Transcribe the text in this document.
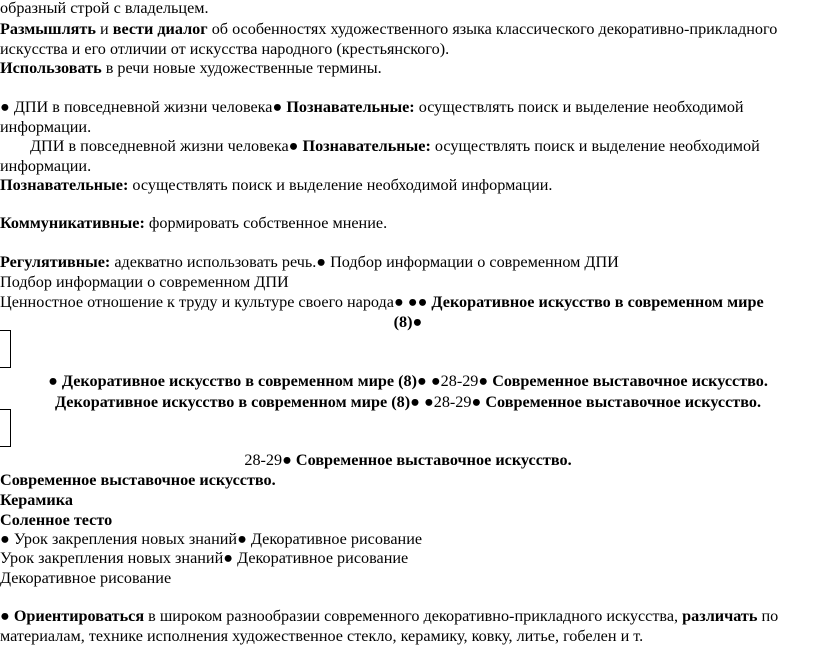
образный строй с владельцем.
Размышлять и вести диалог об особенностях художественного языка классического декоративно-прикладного искусства и его отличии от искусства народного (крестьянского).
Использовать в речи новые художественные термины.
● ДПИ в повседневной жизни человека● Познавательные: осуществлять поиск и выделение необходимой информации.
ДПИ в повседневной жизни человека● Познавательные: осуществлять поиск и выделение необходимой информации.
Познавательные: осуществлять поиск и выделение необходимой информации.
Коммуникативные: формировать собственное мнение.
Регулятивные: адекватно использовать речь.● Подбор информации о современном ДПИ
Подбор информации о современном ДПИ
Ценностное отношение к труду и культуре своего народа● ●● Декоративное искусство в современном мире
(8)●
● Декоративное искусство в современном мире (8)● ●28-29● Современное выставочное искусство.
Декоративное искусство в современном мире (8)● ●28-29● Современное выставочное искусство.
28-29● Современное выставочное искусство.
Современное выставочное искусство.
Керамика
Соленное тесто
● Урок закрепления новых знаний● Декоративное рисование
Урок закрепления новых знаний● Декоративное рисование
Декоративное рисование
● Ориентироваться в широком разнообразии современного декоративно-прикладного искусства, различать по материалам, технике исполнения художественное стекло, керамику, ковку, литье, гобелен и т.
